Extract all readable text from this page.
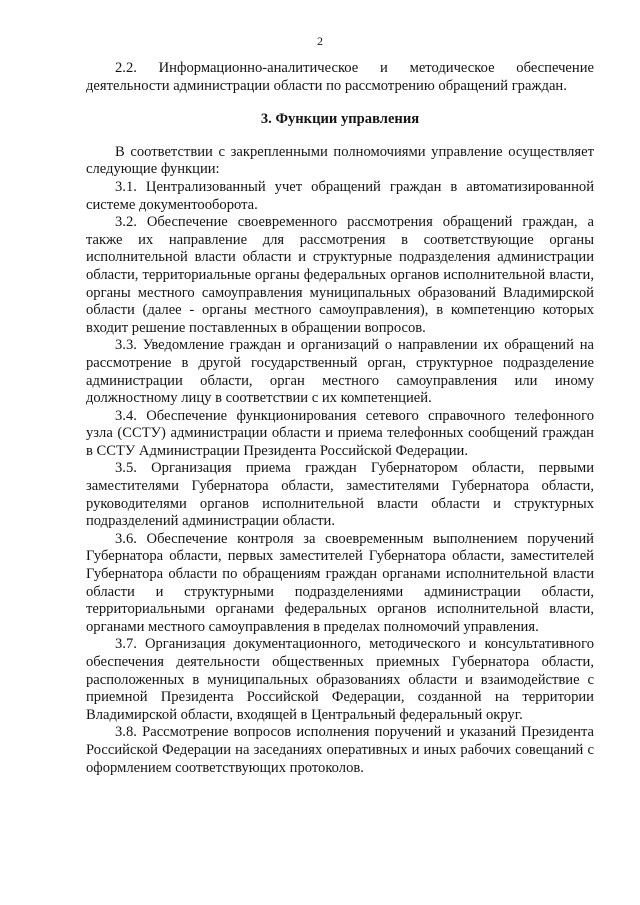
2

2.2. Информационно-аналитическое и методическое обеспечение деятельности администрации области по рассмотрению обращений граждан.

3. Функции управления

В соответствии с закрепленными полномочиями управление осуществляет следующие функции:

3.1. Централизованный учет обращений граждан в автоматизированной системе документооборота.

3.2. Обеспечение своевременного рассмотрения обращений граждан, а также их направление для рассмотрения в соответствующие органы исполнительной власти области и структурные подразделения администрации области, территориальные органы федеральных органов исполнительной власти, органы местного самоуправления муниципальных образований Владимирской области (далее - органы местного самоуправления), в компетенцию которых входит решение поставленных в обращении вопросов.

3.3. Уведомление граждан и организаций о направлении их обращений на рассмотрение в другой государственный орган, структурное подразделение администрации области, орган местного самоуправления или иному должностному лицу в соответствии с их компетенцией.

3.4. Обеспечение функционирования сетевого справочного телефонного узла (ССТУ) администрации области и приема телефонных сообщений граждан в ССТУ Администрации Президента Российской Федерации.

3.5. Организация приема граждан Губернатором области, первыми заместителями Губернатора области, заместителями Губернатора области, руководителями органов исполнительной власти области и структурных подразделений администрации области.

3.6. Обеспечение контроля за своевременным выполнением поручений Губернатора области, первых заместителей Губернатора области, заместителей Губернатора области по обращениям граждан органами исполнительной власти области и структурными подразделениями администрации области, территориальными органами федеральных органов исполнительной власти, органами местного самоуправления в пределах полномочий управления.

3.7. Организация документационного, методического и консультативного обеспечения деятельности общественных приемных Губернатора области, расположенных в муниципальных образованиях области и взаимодействие с приемной Президента Российской Федерации, созданной на территории Владимирской области, входящей в Центральный федеральный округ.

3.8. Рассмотрение вопросов исполнения поручений и указаний Президента Российской Федерации на заседаниях оперативных и иных рабочих совещаний с оформлением соответствующих протоколов.
